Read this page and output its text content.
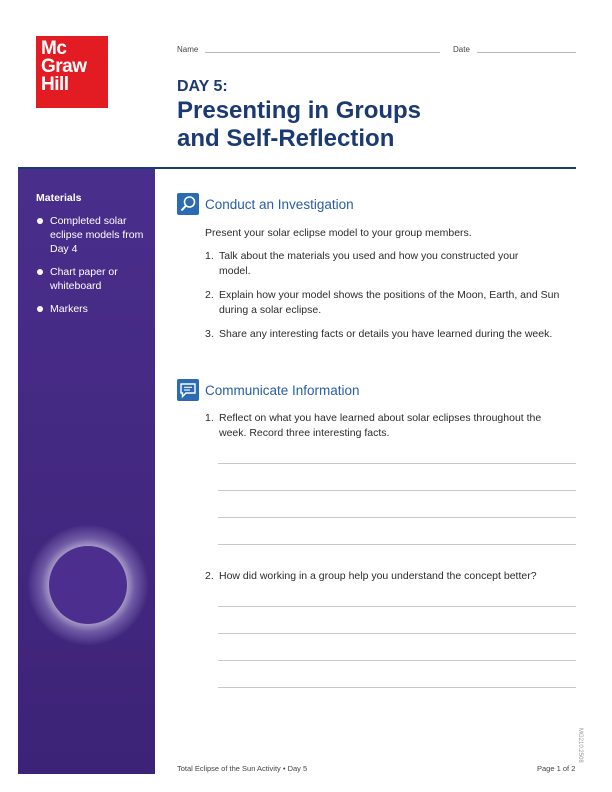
Mc
Graw
Hill
Name	Date
DAY 5:
Presenting in Groups
and Self-Reflection
Materials
Completed solar eclipse models from Day 4
Chart paper or whiteboard
Markers
Conduct an Investigation
Present your solar eclipse model to your group members.
1. Talk about the materials you used and how you constructed your model.
2. Explain how your model shows the positions of the Moon, Earth, and Sun during a solar eclipse.
3. Share any interesting facts or details you have learned during the week.
Communicate Information
1. Reflect on what you have learned about solar eclipses throughout the week. Record three interesting facts.
2. How did working in a group help you understand the concept better?
Total Eclipse of the Sun Activity • Day 5	Page 1 of 2
MG210.2508
